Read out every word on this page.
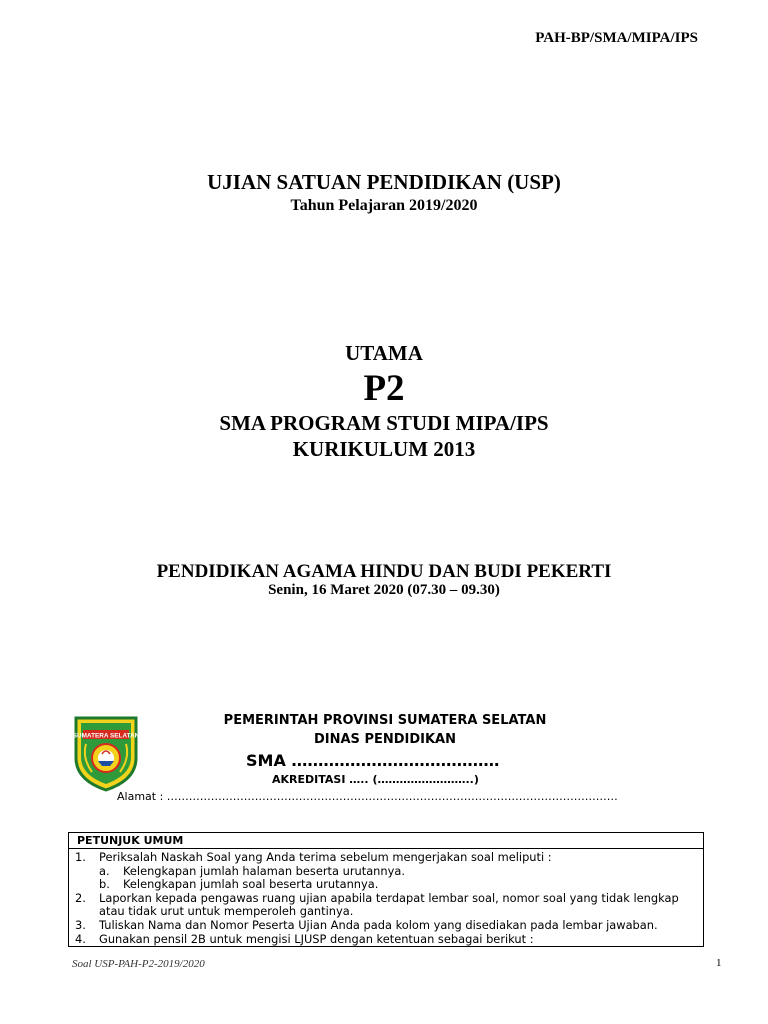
PAH-BP/SMA/MIPA/IPS
UJIAN SATUAN PENDIDIKAN (USP)
Tahun Pelajaran 2019/2020
UTAMA
P2
SMA PROGRAM STUDI MIPA/IPS
KURIKULUM 2013
PENDIDIKAN AGAMA HINDU DAN BUDI PEKERTI
Senin, 16 Maret 2020 (07.30 – 09.30)
SUMATERA SELATAN
PEMERINTAH PROVINSI SUMATERA SELATAN
DINAS PENDIDIKAN
SMA …………………………………
AKREDITASI ….. (……………………..)
Alamat : ……………………………………………………………………………………………………………
PETUNJUK UMUM
1.	Periksalah Naskah Soal yang Anda terima sebelum mengerjakan soal meliputi :
a.	Kelengkapan jumlah halaman beserta urutannya.
b.	Kelengkapan jumlah soal beserta urutannya.
2.	Laporkan kepada pengawas ruang ujian apabila terdapat lembar soal, nomor soal yang tidak lengkap
atau tidak urut untuk memperoleh gantinya.
3.	Tuliskan Nama dan Nomor Peserta Ujian Anda pada kolom yang disediakan pada lembar jawaban.
4.	Gunakan pensil 2B untuk mengisi LJUSP dengan ketentuan sebagai berikut :
Soal USP-PAH-P2-2019/2020	1
